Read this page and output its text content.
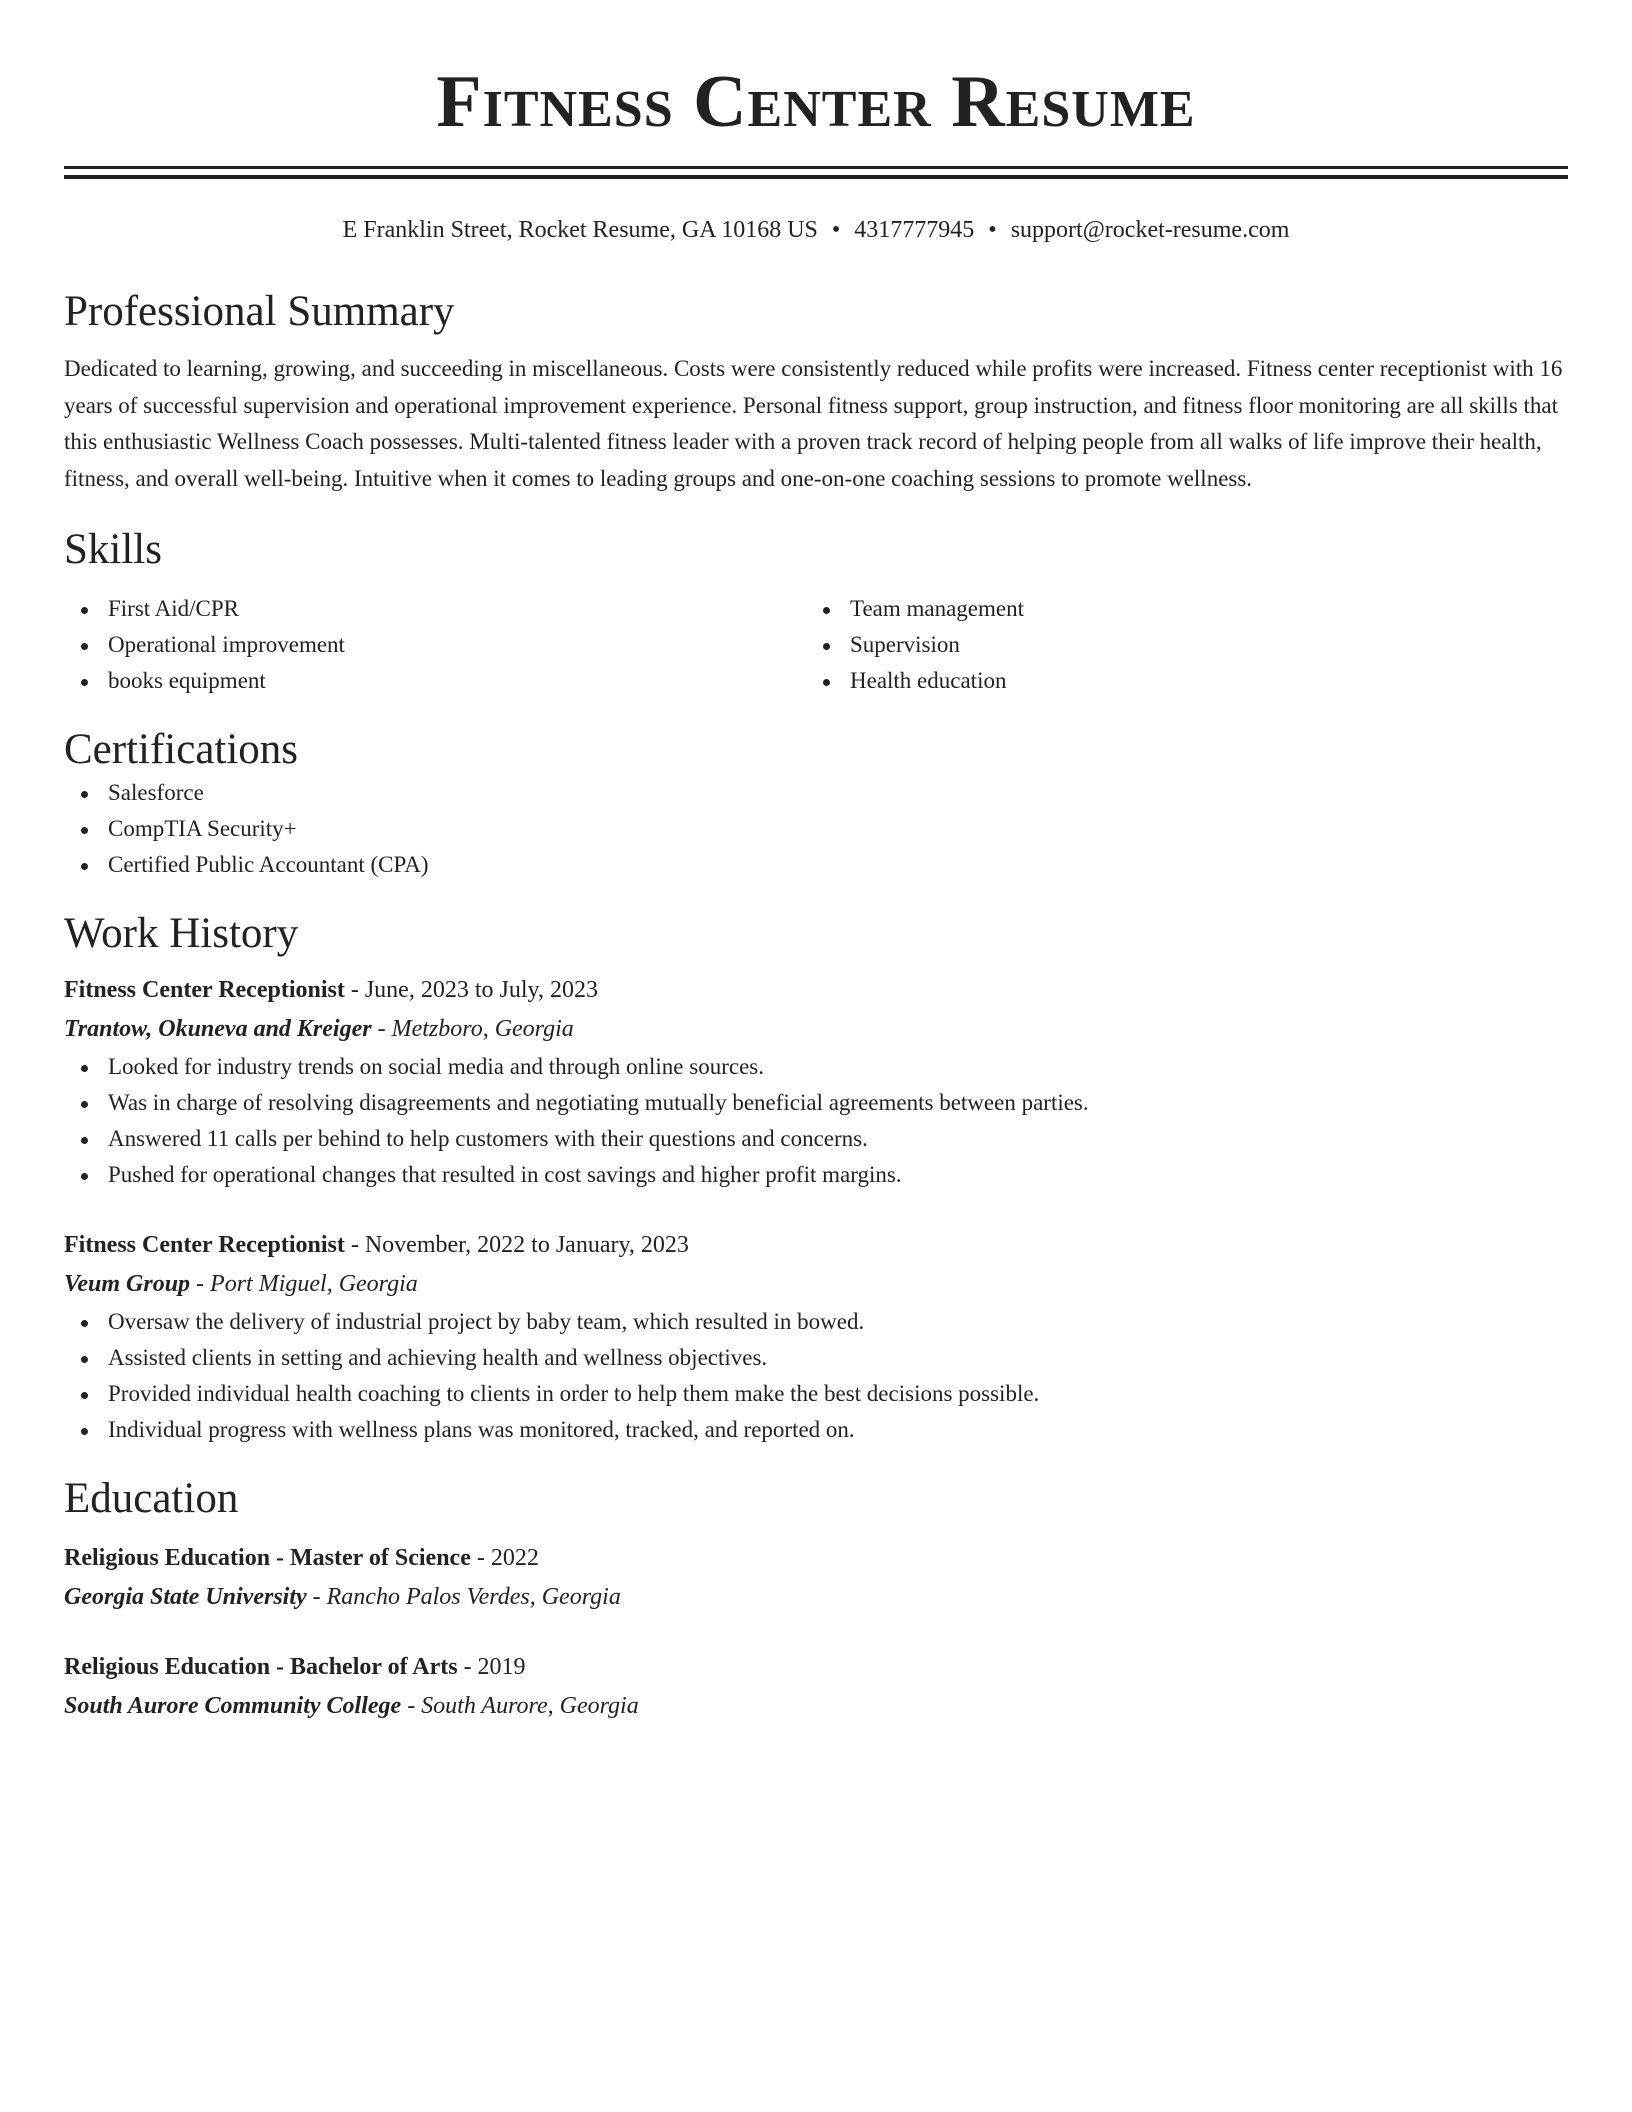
Fitness Center Resume
E Franklin Street, Rocket Resume, GA 10168 US • 4317777945 • support@rocket-resume.com
Professional Summary
Dedicated to learning, growing, and succeeding in miscellaneous. Costs were consistently reduced while profits were increased. Fitness center receptionist with 16 years of successful supervision and operational improvement experience. Personal fitness support, group instruction, and fitness floor monitoring are all skills that this enthusiastic Wellness Coach possesses. Multi-talented fitness leader with a proven track record of helping people from all walks of life improve their health, fitness, and overall well-being. Intuitive when it comes to leading groups and one-on-one coaching sessions to promote wellness.
Skills
First Aid/CPR
Operational improvement
books equipment
Team management
Supervision
Health education
Certifications
Salesforce
CompTIA Security+
Certified Public Accountant (CPA)
Work History
Fitness Center Receptionist - June, 2023 to July, 2023
Trantow, Okuneva and Kreiger - Metzboro, Georgia
Looked for industry trends on social media and through online sources.
Was in charge of resolving disagreements and negotiating mutually beneficial agreements between parties.
Answered 11 calls per behind to help customers with their questions and concerns.
Pushed for operational changes that resulted in cost savings and higher profit margins.
Fitness Center Receptionist - November, 2022 to January, 2023
Veum Group - Port Miguel, Georgia
Oversaw the delivery of industrial project by baby team, which resulted in bowed.
Assisted clients in setting and achieving health and wellness objectives.
Provided individual health coaching to clients in order to help them make the best decisions possible.
Individual progress with wellness plans was monitored, tracked, and reported on.
Education
Religious Education - Master of Science - 2022
Georgia State University - Rancho Palos Verdes, Georgia
Religious Education - Bachelor of Arts - 2019
South Aurore Community College - South Aurore, Georgia
